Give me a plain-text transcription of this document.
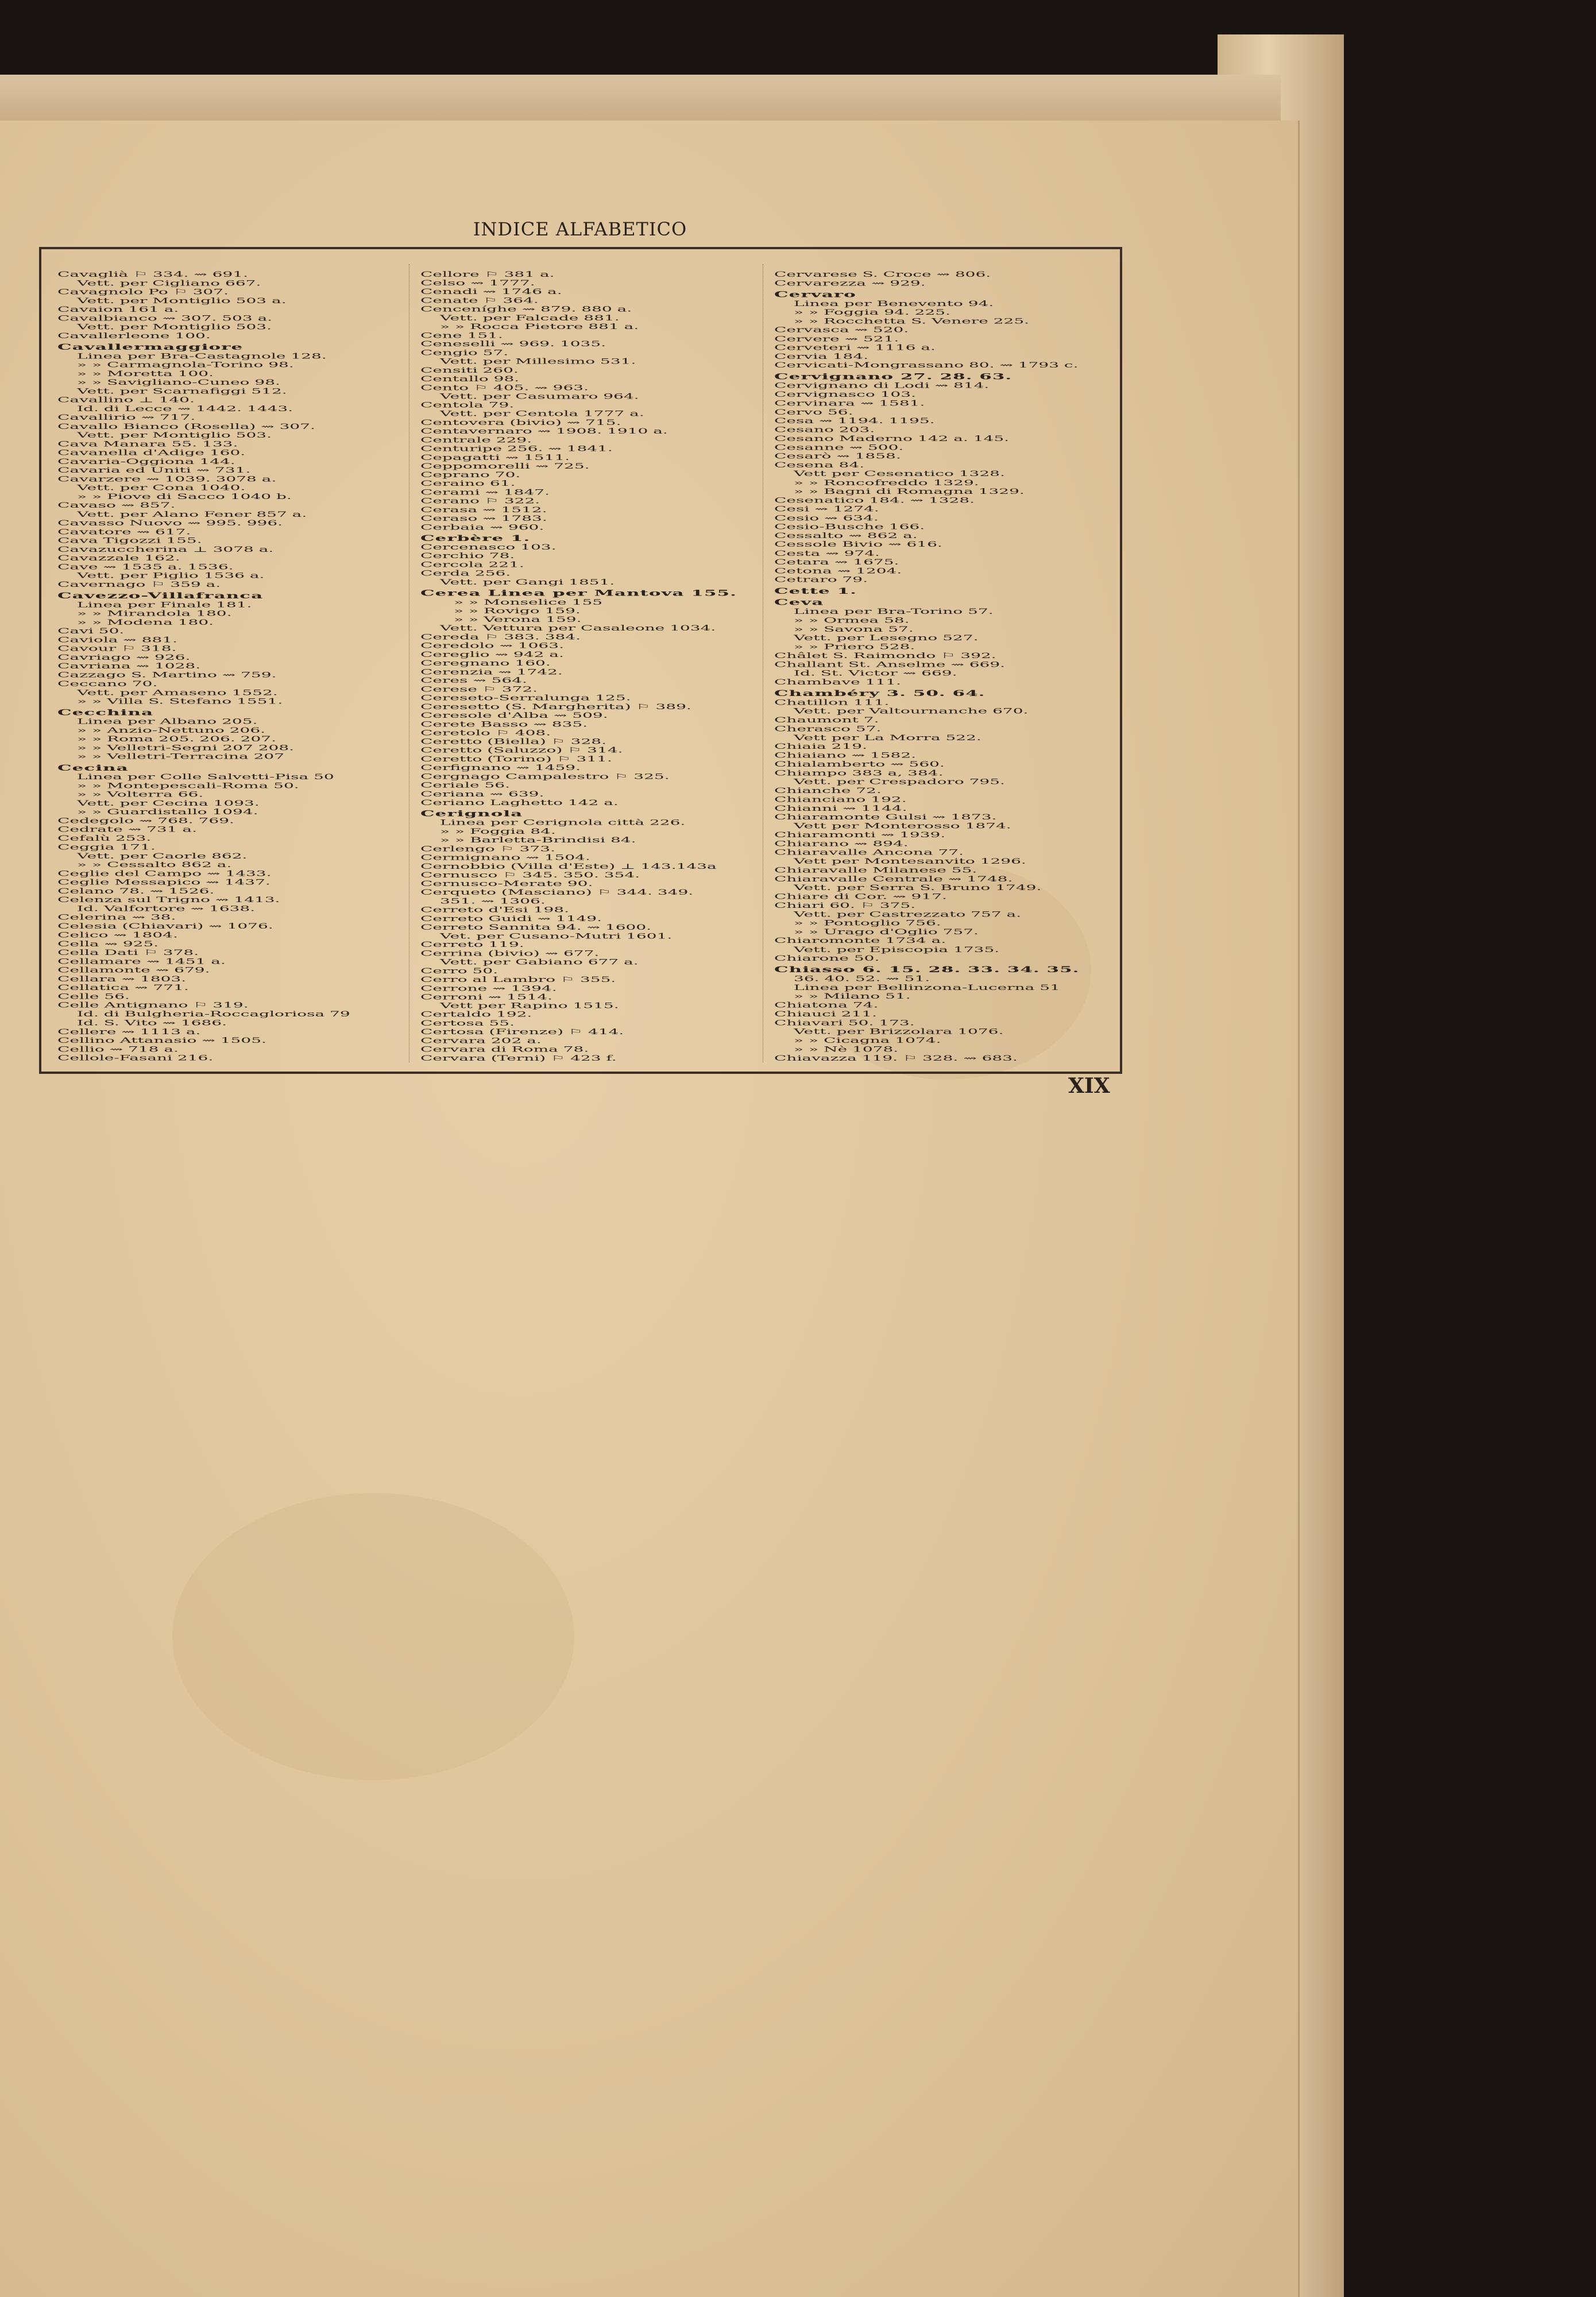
INDICE ALFABETICO
Cavaglià ⚐ 334. ⇝ 691.
Vett. per Cigliano 667.
Cavagnolo Po ⚐ 307.
Vett. per Montiglio 503 a.
Cavaion 161 a.
Cavalbianco ⇝ 307. 503 a.
Vett. per Montiglio 503.
Cavallerleone 100.
Cavallermaggiore
Linea per Bra-Castagnole 128.
» » Carmagnola-Torino 98.
» » Moretta 100.
» » Savigliano-Cuneo 98.
Vett. per Scarnafiggi 512.
Cavallino ⊥ 140.
Id. di Lecce ⇝ 1442. 1443.
Cavallirio ⇝ 717.
Cavallo Bianco (Rosella) ⇝ 307.
Vett. per Montiglio 503.
Cava Manara 55. 133.
Cavanella d'Adige 160.
Cavaria-Oggiona 144.
Cavaria ed Uniti ⇝ 731.
Cavarzere ⇝ 1039. 3078 a.
Vett. per Cona 1040.
» » Piove di Sacco 1040 b.
Cavaso ⇝ 857.
Vett. per Alano Fener 857 a.
Cavasso Nuovo ⇝ 995. 996.
Cavatore ⇝ 617.
Cava Tigozzi 155.
Cavazuccherina ⊥ 3078 a.
Cavazzale 162.
Cave ⇝ 1535 a. 1536.
Vett. per Piglio 1536 a.
Cavernago ⚐ 359 a.
Cavezzo-Villafranca
Linea per Finale 181.
» » Mirandola 180.
» » Modena 180.
Cavi 50.
Caviola ⇝ 881.
Cavour ⚐ 318.
Cavriago ⇝ 926.
Cavriana ⇝ 1028.
Cazzago S. Martino ⇝ 759.
Ceccano 70.
Vett. per Amaseno 1552.
» » Villa S. Stefano 1551.
Cecchina
Linea per Albano 205.
» » Anzio-Nettuno 206.
» » Roma 205. 206. 207.
» » Velletri-Segni 207 208.
» » Velletri-Terracina 207
Cecina
Linea per Colle Salvetti-Pisa 50
» » Montepescali-Roma 50.
» » Volterra 66.
Vett. per Cecina 1093.
» » Guardistallo 1094.
Cedegolo ⇝ 768. 769.
Cedrate ⇝ 731 a.
Cefalù 253.
Ceggia 171.
Vett. per Caorle 862.
» » Cessalto 862 a.
Ceglie del Campo ⇝ 1433.
Ceglie Messapico ⇝ 1437.
Celano 78. ⇝ 1526.
Celenza sul Trigno ⇝ 1413.
Id. Valfortore ⇝ 1638.
Celerina ⇝ 38.
Celesia (Chiavari) ⇝ 1076.
Celico ⇝ 1804.
Cella ⇝ 925.
Cella Dati ⚐ 378.
Cellamare ⇝ 1451 a.
Cellamonte ⇝ 679.
Cellara ⇝ 1803.
Cellatica ⇝ 771.
Celle 56.
Celle Antignano ⚐ 319.
Id. di Bulgheria-Roccagloriosa 79
Id. S. Vito ⇝ 1686.
Cellere ⇝ 1113 a.
Cellino Attanasio ⇝ 1505.
Cellio ⇝ 718 a.
Cellole-Fasani 216.
Cellore ⚐ 381 a.
Celso ⇝ 1777.
Cenadi ⇝ 1746 a.
Cenate ⚐ 364.
Cenceníghe ⇝ 879. 880 a.
Vett. per Falcade 881.
» » Rocca Pietore 881 a.
Cene 151.
Ceneselli ⇝ 969. 1035.
Cengio 57.
Vett. per Millesimo 531.
Censiti 260.
Centallo 98.
Cento ⚐ 405. ⇝ 963.
Vett. per Casumaro 964.
Centola 79.
Vett. per Centola 1777 a.
Centovera (bivio) ⇝ 715.
Centavernaro ⇝ 1908. 1910 a.
Centrale 229.
Centuripe 256. ⇝ 1841.
Cepagatti ⇝ 1511.
Ceppomorelli ⇝ 725.
Ceprano 70.
Ceraino 61.
Cerami ⇝ 1847.
Cerano ⚐ 322.
Cerasa ⇝ 1512.
Ceraso ⇝ 1783.
Cerbaia ⇝ 960.
Cerbère 1.
Cercenasco 103.
Cerchio 78.
Cercola 221.
Cerda 256.
Vett. per Gangi 1851.
Cerea Linea per Mantova 155.
» » Monselice 155
» » Rovigo 159.
» » Verona 159.
Vett. Vettura per Casaleone 1034.
Cereda ⚐ 383. 384.
Ceredolo ⇝ 1063.
Cereglio ⇝ 942 a.
Ceregnano 160.
Cerenzia ⇝ 1742.
Ceres ⇝ 564.
Cerese ⚐ 372.
Cereseto-Serralunga 125.
Ceresetto (S. Margherita) ⚐ 389.
Ceresole d'Alba ⇝ 509.
Cerete Basso ⇝ 835.
Ceretolo ⚐ 408.
Ceretto (Biella) ⚐ 328.
Ceretto (Saluzzo) ⚐ 314.
Ceretto (Torino) ⚐ 311.
Cerfignano ⇝ 1459.
Cergnago Campalestro ⚐ 325.
Ceriale 56.
Ceriana ⇝ 639.
Ceriano Laghetto 142 a.
Cerignola
Linea per Cerignola città 226.
» » Foggia 84.
» » Barletta-Brindisi 84.
Cerlengo ⚐ 373.
Cermignano ⇝ 1504.
Cernobbio (Villa d'Este) ⊥ 143.143a
Cernusco ⚐ 345. 350. 354.
Cernusco-Merate 90.
Cerqueto (Masciano) ⚐ 344. 349.
351. ⇝ 1306.
Cerreto d'Esi 198.
Cerreto Guidi ⇝ 1149.
Cerreto Sannita 94. ⇝ 1600.
Vet. per Cusano-Mutri 1601.
Cerreto 119.
Cerrina (bivio) ⇝ 677.
Vett. per Gabiano 677 a.
Cerro 50.
Cerro al Lambro ⚐ 355.
Cerrone ⇝ 1394.
Cerroni ⇝ 1514.
Vett per Rapino 1515.
Certaldo 192.
Certosa 55.
Certosa (Firenze) ⚐ 414.
Cervara 202 a.
Cervara di Roma 78.
Cervara (Terni) ⚐ 423 f.
Cervarese S. Croce ⇝ 806.
Cervarezza ⇝ 929.
Cervaro
Linea per Benevento 94.
» » Foggia 94. 225.
» » Rocchetta S. Venere 225.
Cervasca ⇝ 520.
Cervere ⇝ 521.
Cerveteri ⇝ 1116 a.
Cervia 184.
Cervicati-Mongrassano 80. ⇝ 1793 c.
Cervignano 27. 28. 63.
Cervignano di Lodi ⇝ 814.
Cervignasco 103.
Cervinara ⇝ 1581.
Cervo 56.
Cesa ⇝ 1194. 1195.
Cesano 203.
Cesano Maderno 142 a. 145.
Cesanne ⇝ 500.
Cesarò ⇝ 1858.
Cesena 84.
Vett per Cesenatico 1328.
» » Roncofreddo 1329.
» » Bagni di Romagna 1329.
Cesenatico 184. ⇝ 1328.
Cesi ⇝ 1274.
Cesio ⇝ 634.
Cesio-Busche 166.
Cessalto ⇝ 862 a.
Cessole Bivio ⇝ 616.
Cesta ⇝ 974.
Cetara ⇝ 1675.
Cetona ⇝ 1204.
Cetraro 79.
Cette 1.
Ceva
Linea per Bra-Torino 57.
» » Ormea 58.
» » Savona 57.
Vett. per Lesegno 527.
» » Priero 528.
Châlet S. Raimondo ⚐ 392.
Challant St. Anselme ⇝ 669.
Id. St. Victor ⇝ 669.
Chambave 111.
Chambéry 3. 50. 64.
Chatillon 111.
Vett. per Valtournanche 670.
Chaumont 7.
Cherasco 57.
Vett per La Morra 522.
Chiaia 219.
Chiaiano ⇝ 1582.
Chialamberto ⇝ 560.
Chiampo 383 a, 384.
Vett. per Crespadoro 795.
Chianche 72.
Chianciano 192.
Chianni ⇝ 1144.
Chiaramonte Gulsi ⇝ 1873.
Vett per Monterosso 1874.
Chiaramonti ⇝ 1939.
Chiarano ⇝ 894.
Chiaravalle Ancona 77.
Vett per Montesanvito 1296.
Chiaravalle Milanese 55.
Chiaravalle Centrale ⇝ 1748.
Vett. per Serra S. Bruno 1749.
Chiare di Cor. ⇝ 917.
Chiari 60. ⚐ 375.
Vett. per Castrezzato 757 a.
» » Pontoglio 756.
» » Urago d'Oglio 757.
Chiaromonte 1734 a.
Vett. per Episcopia 1735.
Chiarone 50.
Chiasso 6. 15. 28. 33. 34. 35.
36. 40. 52. ⇝ 51.
Linea per Bellinzona-Lucerna 51
» » Milano 51.
Chiatona 74.
Chiauci 211.
Chiavari 50. 173.
Vett. per Brizzolara 1076.
» » Cicagna 1074.
» » Nè 1078.
Chiavazza 119. ⚐ 328. ⇝ 683.
XIX
